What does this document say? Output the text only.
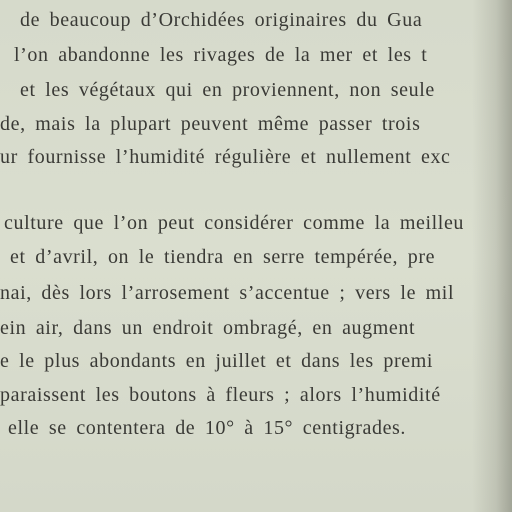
de beaucoup d’Orchidées originaires du Gua
l’on abandonne les rivages de la mer et les t
et les végétaux qui en proviennent, non seule
de, mais la plupart peuvent même passer trois
ur fournisse l’humidité régulière et nullement exc
culture que l’on peut considérer comme la meilleu
et d’avril, on le tiendra en serre tempérée, pre
nai, dès lors l’arrosement s’accentue ; vers le mil
ein air, dans un endroit ombragé, en augment
e le plus abondants en juillet et dans les premi
paraissent les boutons à fleurs ; alors l’humidité
elle se contentera de 10° à 15° centigrades.
